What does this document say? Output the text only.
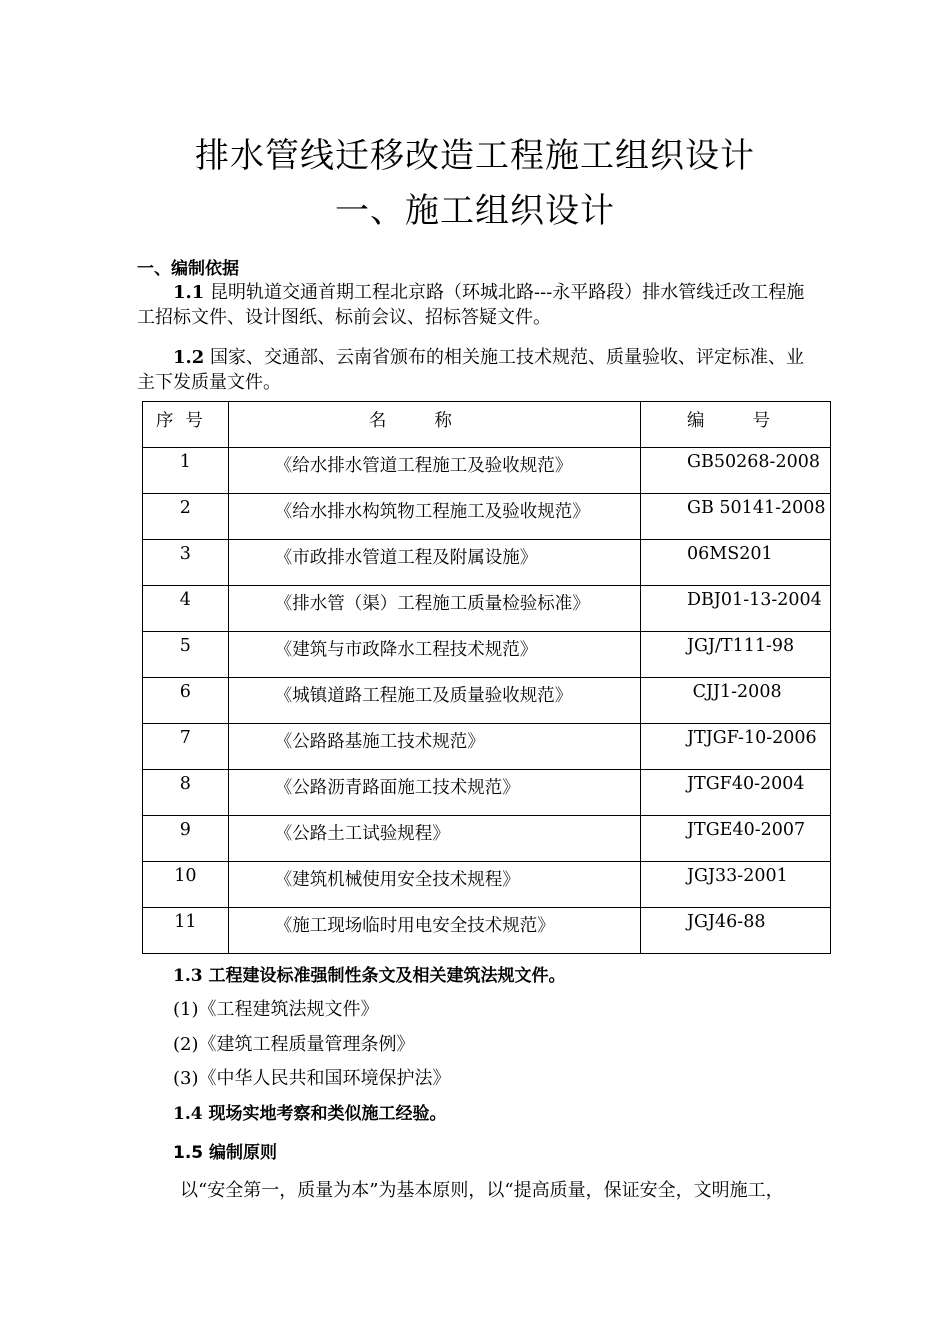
排水管线迁移改造工程施工组织设计
一、施工组织设计
一、编制依据
1.1 昆明轨道交通首期工程北京路（环城北路---永平路段）排水管线迁改工程施
工招标文件、设计图纸、标前会议、招标答疑文件。
1.2 国家、交通部、云南省颁布的相关施工技术规范、质量验收、评定标准、业
主下发质量文件。
序号	名称	编号

1	《给水排水管道工程施工及验收规范》	GB50268-2008

2	《给水排水构筑物工程施工及验收规范》	GB 50141-2008

3	《市政排水管道工程及附属设施》	06MS201

4	《排水管（渠）工程施工质量检验标准》	DBJ01-13-2004

5	《建筑与市政降水工程技术规范》	JGJ/T111-98

6	《城镇道路工程施工及质量验收规范》	CJJ1-2008

7	《公路路基施工技术规范》	JTJGF-10-2006

8	《公路沥青路面施工技术规范》	JTGF40-2004

9	《公路土工试验规程》	JTGE40-2007

10	《建筑机械使用安全技术规程》	JGJ33-2001

11	《施工现场临时用电安全技术规范》	JGJ46-88
1.3 工程建设标准强制性条文及相关建筑法规文件。
(1)《工程建筑法规文件》
(2)《建筑工程质量管理条例》
(3)《中华人民共和国环境保护法》
1.4 现场实地考察和类似施工经验。
1.5 编制原则
以“安全第一，质量为本”为基本原则，以“提高质量，保证安全，文明施工，
